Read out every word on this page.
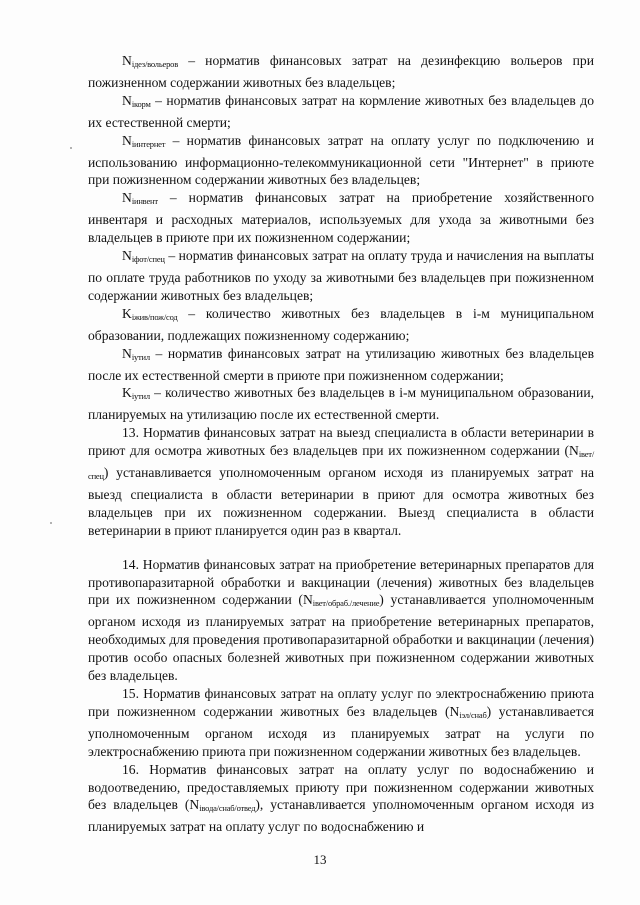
$N_{iдез/вольеров}$ – норматив финансовых затрат на дезинфекцию вольеров при пожизненном содержании животных без владельцев;

$N_{iкорм}$ – норматив финансовых затрат на кормление животных без владельцев до их естественной смерти;

$N_{iинтернет}$ – норматив финансовых затрат на оплату услуг по подключению и использованию информационно-телекоммуникационной сети "Интернет" в приюте при пожизненном содержании животных без владельцев;

$N_{iинвент}$ – норматив финансовых затрат на приобретение хозяйственного инвентаря и расходных материалов, используемых для ухода за животными без владельцев в приюте при их пожизненном содержании;

$N_{iфот/спец}$ – норматив финансовых затрат на оплату труда и начисления на выплаты по оплате труда работников по уходу за животными без владельцев при пожизненном содержании животных без владельцев;

$K_{iжив/пож/сод}$ – количество животных без владельцев в i-м муниципальном образовании, подлежащих пожизненному содержанию;

$N_{iутил}$ – норматив финансовых затрат на утилизацию животных без владельцев после их естественной смерти в приюте при пожизненном содержании;

$K_{iутил}$ – количество животных без владельцев в i-м муниципальном образовании, планируемых на утилизацию после их естественной смерти.

13. Норматив финансовых затрат на выезд специалиста в области ветеринарии в приют для осмотра животных без владельцев при их пожизненном содержании $(N_{iвет/спец})$ устанавливается уполномоченным органом исходя из планируемых затрат на выезд специалиста в области ветеринарии в приют для осмотра животных без владельцев при их пожизненном содержании. Выезд специалиста в области ветеринарии в приют планируется один раз в квартал.

14. Норматив финансовых затрат на приобретение ветеринарных препаратов для противопаразитарной обработки и вакцинации (лечения) животных без владельцев при их пожизненном содержании $(N_{iвет/обраб./лечение})$ устанавливается уполномоченным органом исходя из планируемых затрат на приобретение ветеринарных препаратов, необходимых для проведения противопаразитарной обработки и вакцинации (лечения) против особо опасных болезней животных при пожизненном содержании животных без владельцев.

15. Норматив финансовых затрат на оплату услуг по электроснабжению приюта при пожизненном содержании животных без владельцев $(N_{iэл/снаб})$ устанавливается уполномоченным органом исходя из планируемых затрат на услуги по электроснабжению приюта при пожизненном содержании животных без владельцев.

16. Норматив финансовых затрат на оплату услуг по водоснабжению и водоотведению, предоставляемых приюту при пожизненном содержании животных без владельцев $(N_{iвода/снаб/отвед})$, устанавливается уполномоченным органом исходя из планируемых затрат на оплату услуг по водоснабжению и

13
